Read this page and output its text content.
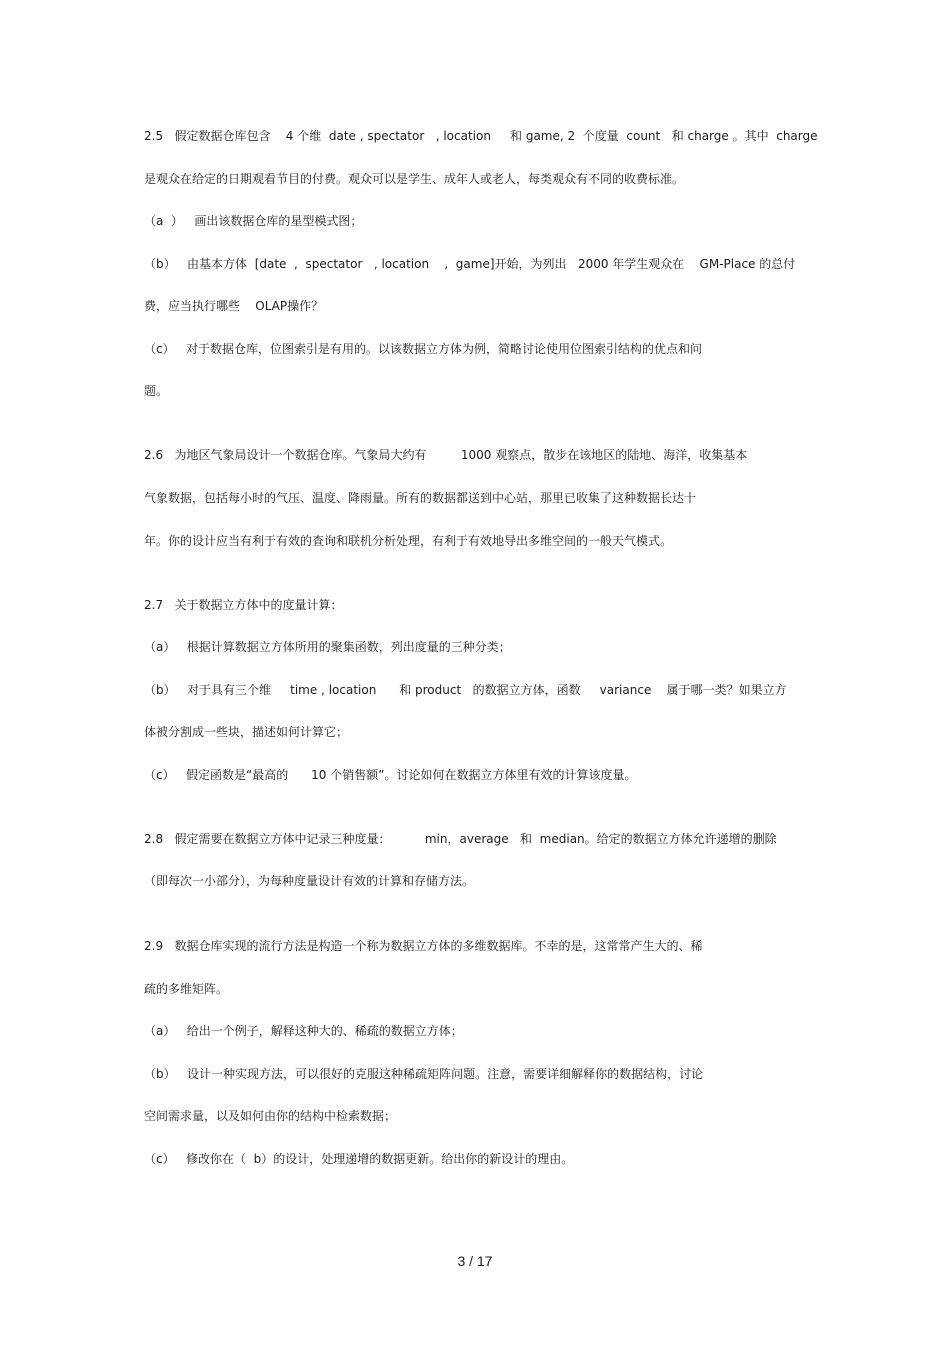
2.5   假定数据仓库包含    4 个维  date , spectator   , location     和 game, 2  个度量  count   和 charge 。其中  charge
是观众在给定的日期观看节目的付费。观众可以是学生、成年人或老人，每类观众有不同的收费标准。
（a  ）   画出该数据仓库的星型模式图；
（b）   由基本方体  [date  ,  spectator   , location    ,  game]开始，为列出   2000 年学生观众在    GM-Place 的总付
费，应当执行哪些    OLAP操作？
（c）   对于数据仓库，位图索引是有用的。以该数据立方体为例，简略讨论使用位图索引结构的优点和问
题。
2.6   为地区气象局设计一个数据仓库。气象局大约有         1000 观察点，散步在该地区的陆地、海洋，收集基本
气象数据，包括每小时的气压、温度、降雨量。所有的数据都送到中心站，那里已收集了这种数据长达十
年。你的设计应当有利于有效的查询和联机分析处理，有利于有效地导出多维空间的一般天气模式。
2.7   关于数据立方体中的度量计算：
（a）   根据计算数据立方体所用的聚集函数，列出度量的三种分类；
（b）   对于具有三个维     time , location      和 product   的数据立方体，函数     variance    属于哪一类？如果立方
体被分割成一些块，描述如何计算它；
（c）   假定函数是“最高的      10 个销售额”。讨论如何在数据立方体里有效的计算该度量。
2.8   假定需要在数据立方体中记录三种度量：         min，average   和  median。给定的数据立方体允许递增的删除
（即每次一小部分），为每种度量设计有效的计算和存储方法。
2.9   数据仓库实现的流行方法是构造一个称为数据立方体的多维数据库。不幸的是，这常常产生大的、稀
疏的多维矩阵。
（a）   给出一个例子，解释这种大的、稀疏的数据立方体；
（b）   设计一种实现方法，可以很好的克服这种稀疏矩阵问题。注意，需要详细解释你的数据结构，讨论
空间需求量，以及如何由你的结构中检索数据；
（c）   修改你在（  b）的设计，处理递增的数据更新。给出你的新设计的理由。
3 / 17
